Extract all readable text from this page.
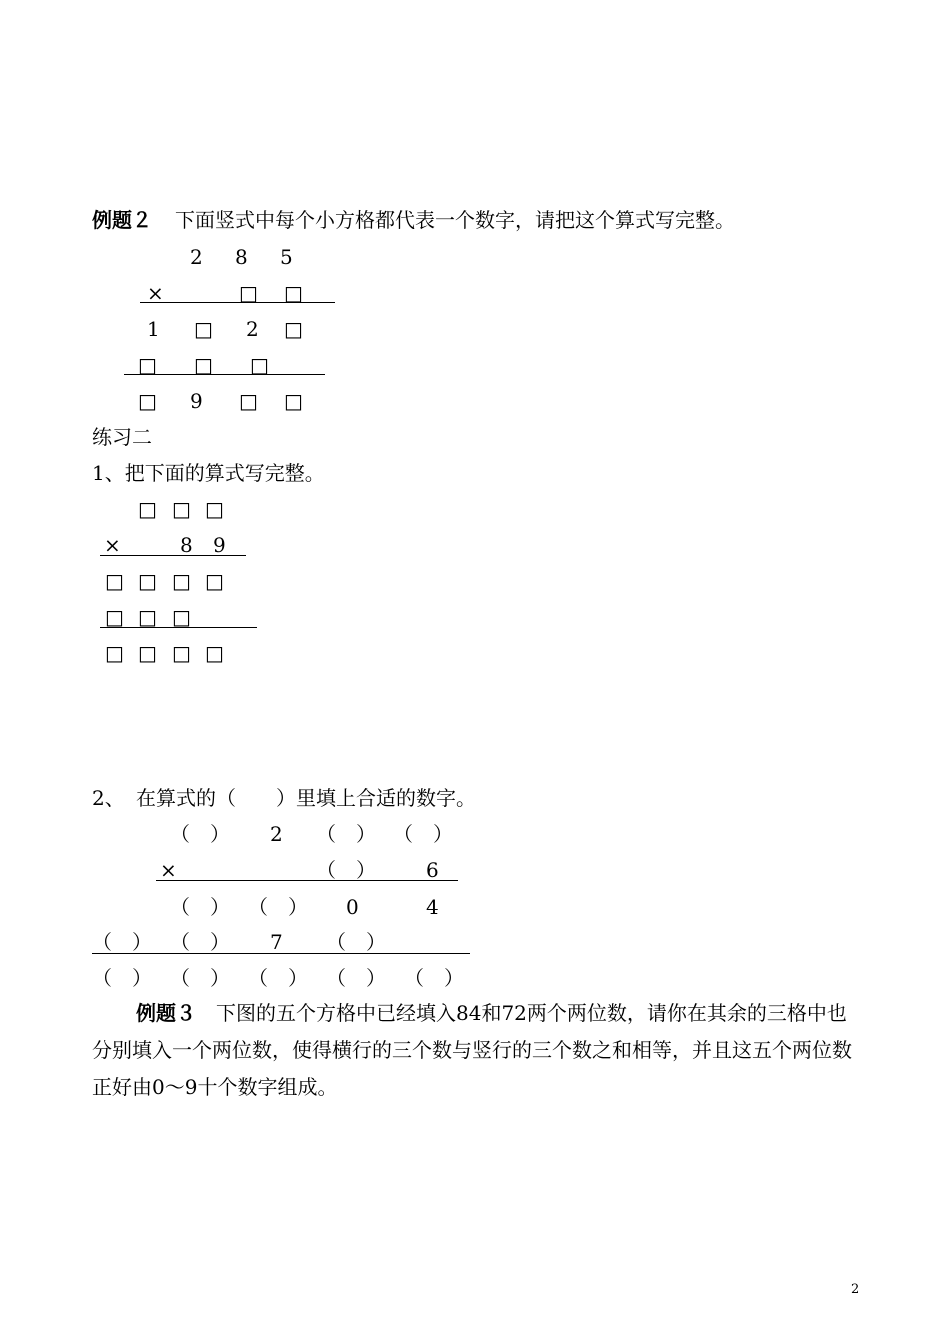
例题２ 下面竖式中每个小方格都代表一个数字，请把这个算式写完整。
2 8 5
×	□ □
1 □ 2 □
□ □ □
□ 9 □ □
练习二
1、把下面的算式写完整。
□ □ □
×	8 9
□ □ □ □
□ □ □
□ □ □ □
2、 在算式的（　　）里填上合适的数字。
（　） 2 （　） （　）
×	（　）	6
（　） （　） 0	4
（　） （　） 7 （　）
（　） （　） （　） （　） （　）
例题３　 下图的五个方格中已经填入84和72两个两位数，请你在其余的三格中也分别填入一个两位数，使得横行的三个数与竖行的三个数之和相等，并且这五个两位数正好由0～9十个数字组成。
2
